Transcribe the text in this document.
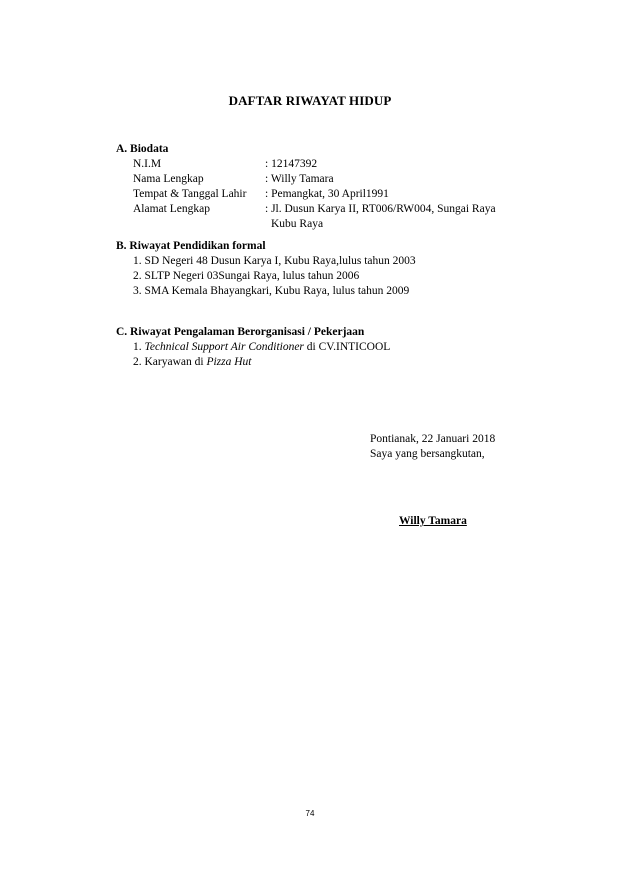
DAFTAR RIWAYAT HIDUP
A. Biodata
N.I.M	: 12147392
Nama Lengkap	: Willy Tamara
Tempat & Tanggal Lahir : Pemangkat, 30 April1991
Alamat Lengkap	: Jl. Dusun Karya II, RT006/RW004, Sungai Raya
Kubu Raya
B. Riwayat Pendidikan formal
1. SD Negeri 48 Dusun Karya I, Kubu Raya,lulus tahun 2003
2. SLTP Negeri 03Sungai Raya, lulus tahun 2006
3. SMA Kemala Bhayangkari, Kubu Raya, lulus tahun 2009
C. Riwayat Pengalaman Berorganisasi / Pekerjaan
1. Technical Support Air Conditioner di CV.INTICOOL
2. Karyawan di Pizza Hut
Pontianak, 22 Januari 2018
Saya yang bersangkutan,
Willy Tamara
74
